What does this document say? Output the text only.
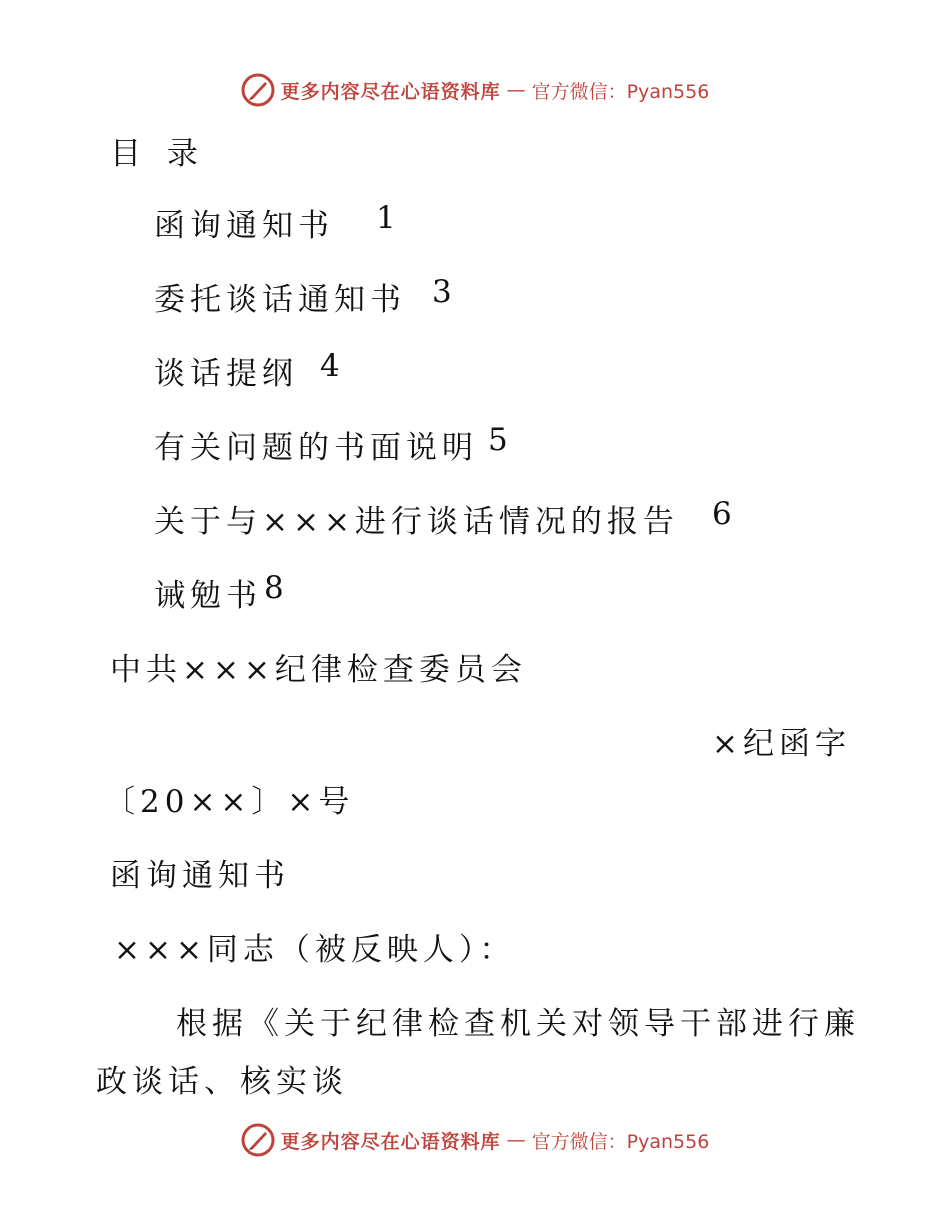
更多内容尽在心语资料库 — 官方微信：Pyan556
目 录
函询通知书 1
委托谈话通知书 3
谈话提纲 4
有关问题的书面说明 5
关于与×××进行谈话情况的报告 6
诫勉书 8
中共×××纪律检查委员会
×纪函字
〔20××〕×号
函询通知书
×××同志（被反映人）：
根据《关于纪律检查机关对领导干部进行廉
政谈话、核实谈
更多内容尽在心语资料库 — 官方微信：Pyan556
